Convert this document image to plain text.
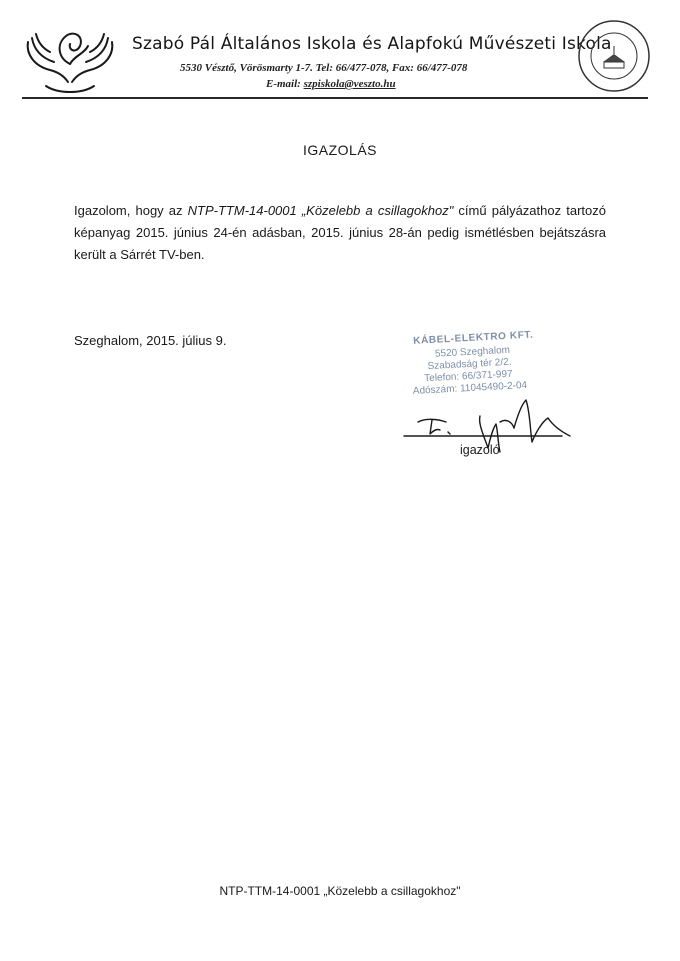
Szabó Pál Általános Iskola és Alapfokú Művészeti Iskola
5530 Vésztő, Vörösmarty 1-7. Tel: 66/477-078, Fax: 66/477-078
E-mail: szpiskola@veszto.hu
IGAZOLÁS
Igazolom, hogy az NTP-TTM-14-0001 „Közelebb a csillagokhoz" című pályázathoz tartozó képanyag 2015. június 24-én adásban, 2015. június 28-án pedig ismétlésben bejátszásra került a Sárrét TV-ben.
Szeghalom, 2015. július 9.	KÁBEL-ELEKTRO KFT.
5520 Szeghalom
Szabadság tér 2/2.
Telefon: 66/371-997
Adószám: 11045490-2-04
igazoló
NTP-TTM-14-0001 „Közelebb a csillagokhoz"
